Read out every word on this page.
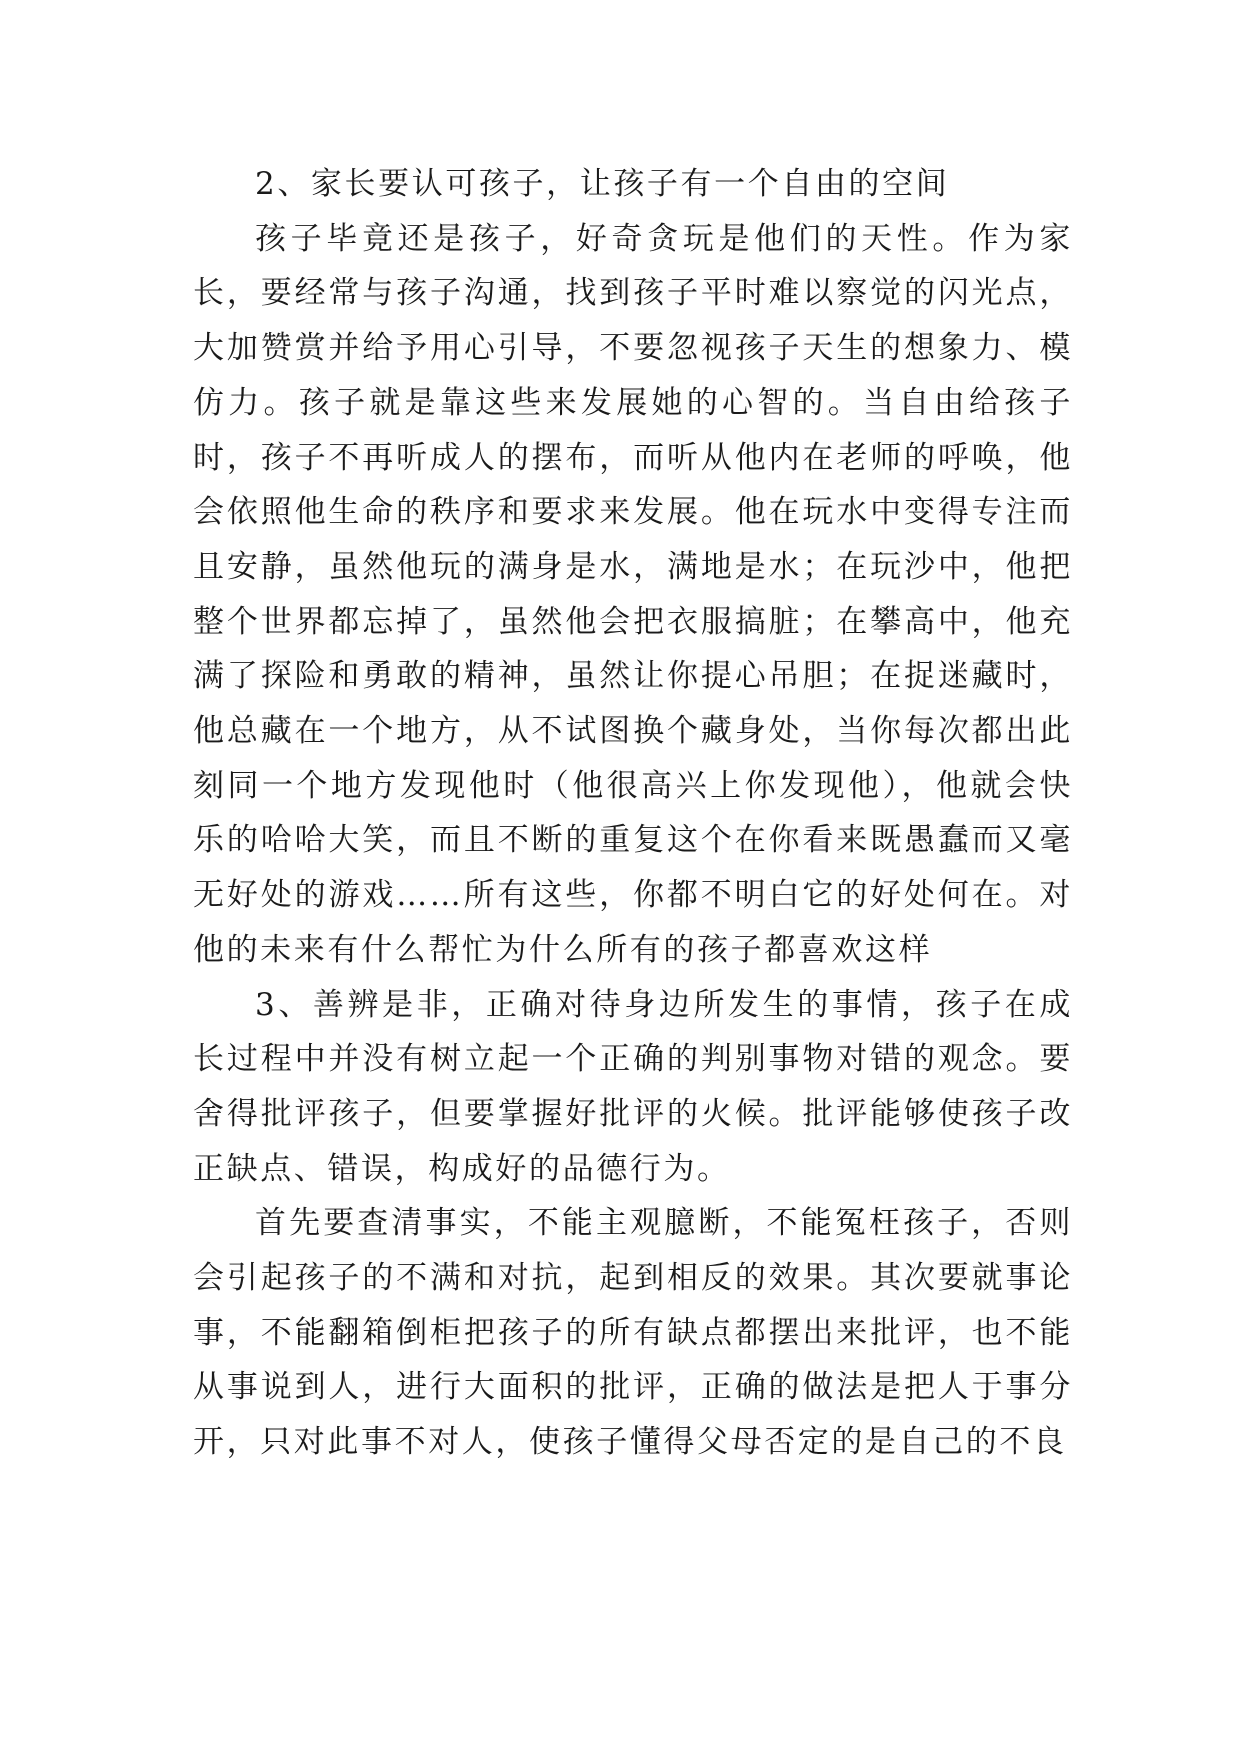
2、家长要认可孩子，让孩子有一个自由的空间

孩子毕竟还是孩子，好奇贪玩是他们的天性。作为家长，要经常与孩子沟通，找到孩子平时难以察觉的闪光点，大加赞赏并给予用心引导，不要忽视孩子天生的想象力、模仿力。孩子就是靠这些来发展她的心智的。当自由给孩子时，孩子不再听成人的摆布，而听从他内在老师的呼唤，他会依照他生命的秩序和要求来发展。他在玩水中变得专注而且安静，虽然他玩的满身是水，满地是水；在玩沙中，他把整个世界都忘掉了，虽然他会把衣服搞脏；在攀高中，他充满了探险和勇敢的精神，虽然让你提心吊胆；在捉迷藏时，他总藏在一个地方，从不试图换个藏身处，当你每次都出此刻同一个地方发现他时（他很高兴上你发现他），他就会快乐的哈哈大笑，而且不断的重复这个在你看来既愚蠢而又毫无好处的游戏……所有这些，你都不明白它的好处何在。对他的未来有什么帮忙为什么所有的孩子都喜欢这样

3、善辨是非，正确对待身边所发生的事情，孩子在成长过程中并没有树立起一个正确的判别事物对错的观念。要舍得批评孩子，但要掌握好批评的火候。批评能够使孩子改正缺点、错误，构成好的品德行为。

首先要查清事实，不能主观臆断，不能冤枉孩子，否则会引起孩子的不满和对抗，起到相反的效果。其次要就事论事，不能翻箱倒柜把孩子的所有缺点都摆出来批评，也不能从事说到人，进行大面积的批评，正确的做法是把人于事分开，只对此事不对人，使孩子懂得父母否定的是自己的不良
